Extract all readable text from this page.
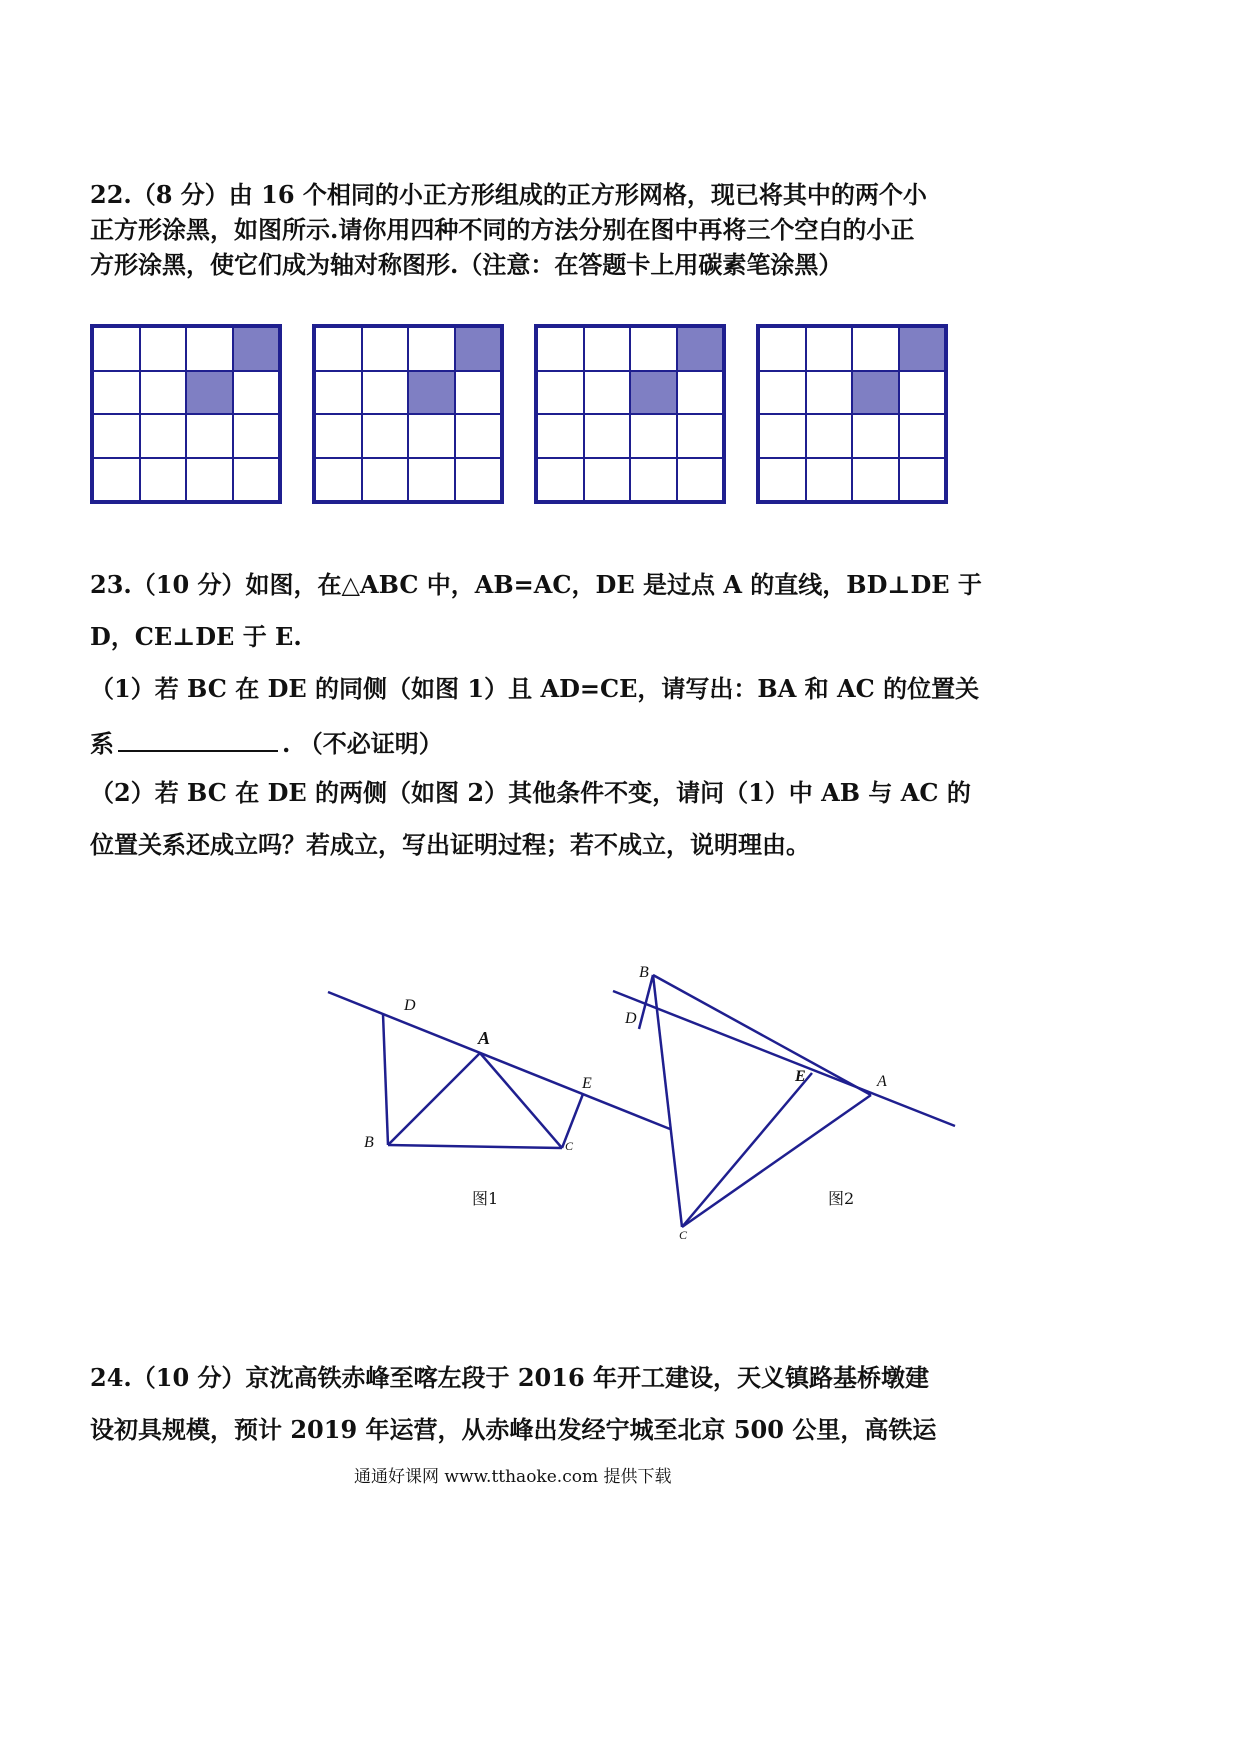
22.（8 分）由 16 个相同的小正方形组成的正方形网格，现已将其中的两个小
正方形涂黑，如图所示.请你用四种不同的方法分别在图中再将三个空白的小正
方形涂黑，使它们成为轴对称图形.（注意：在答题卡上用碳素笔涂黑）
23.（10 分）如图，在△ABC 中，AB=AC，DE 是过点 A 的直线，BD⊥DE 于
D，CE⊥DE 于 E.
（1）若 BC 在 DE 的同侧（如图 1）且 AD=CE，请写出：BA 和 AC 的位置关
系	. （不必证明）
（2）若 BC 在 DE 的两侧（如图 2）其他条件不变，请问（1）中 AB 与 AC 的
位置关系还成立吗？若成立，写出证明过程；若不成立，说明理由。
D
A
E
B	C
图1
B
D
E	A
C
图2
24.（10 分）京沈高铁赤峰至喀左段于 2016 年开工建设，天义镇路基桥墩建
设初具规模，预计 2019 年运营，从赤峰出发经宁城至北京 500 公里，高铁运
通通好课网 www.tthaoke.com 提供下载
